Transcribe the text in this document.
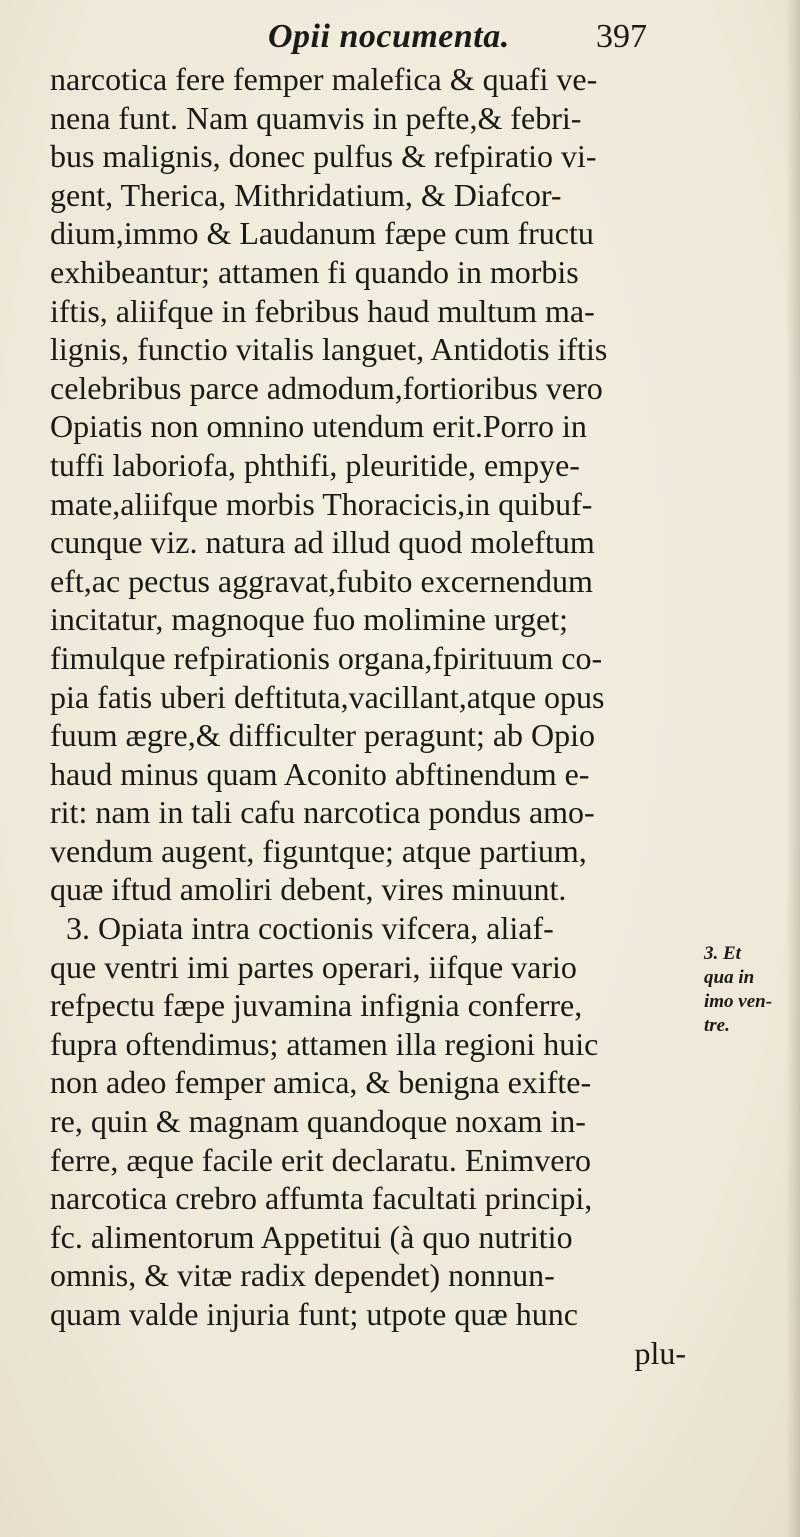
Opii nocumenta.	397
narcotica fere femper malefica & quafi ve-
nena funt. Nam quamvis in pefte,& febri-
bus malignis, donec pulfus & refpiratio vi-
gent, Therica, Mithridatium, & Diafcor-
dium,immo & Laudanum fæpe cum fructu
exhibeantur; attamen fi quando in morbis
iftis, aliifque in febribus haud multum ma-
lignis, functio vitalis languet, Antidotis iftis
celebribus parce admodum,fortioribus vero
Opiatis non omnino utendum erit.Porro in
tuffi laboriofa, phthifi, pleuritide, empye-
mate,aliifque morbis Thoracicis,in quibuf-
cunque viz. natura ad illud quod moleftum
eft,ac pectus aggravat,fubito excernendum
incitatur, magnoque fuo molimine urget;
fimulque refpirationis organa,fpirituum co-
pia fatis uberi deftituta,vacillant,atque opus
fuum ægre,& difficulter peragunt; ab Opio
haud minus quam Aconito abftinendum e-
rit: nam in tali cafu narcotica pondus amo-
vendum augent, figuntque; atque partium,
quæ iftud amoliri debent, vires minuunt.
3. Opiata intra coctionis vifcera, aliaf-
que ventri imi partes operari, iifque vario
refpectu fæpe juvamina infignia conferre,
fupra oftendimus; attamen illa regioni huic
non adeo femper amica, & benigna exifte-
re, quin & magnam quandoque noxam in-
ferre, æque facile erit declaratu. Enimvero
narcotica crebro affumta facultati principi,
fc. alimentorum Appetitui (à quo nutritio
omnis, & vitæ radix dependet) nonnun-
quam valde injuria funt; utpote quæ hunc
plu-
3. Et
qua in
imo ven-
tre.
